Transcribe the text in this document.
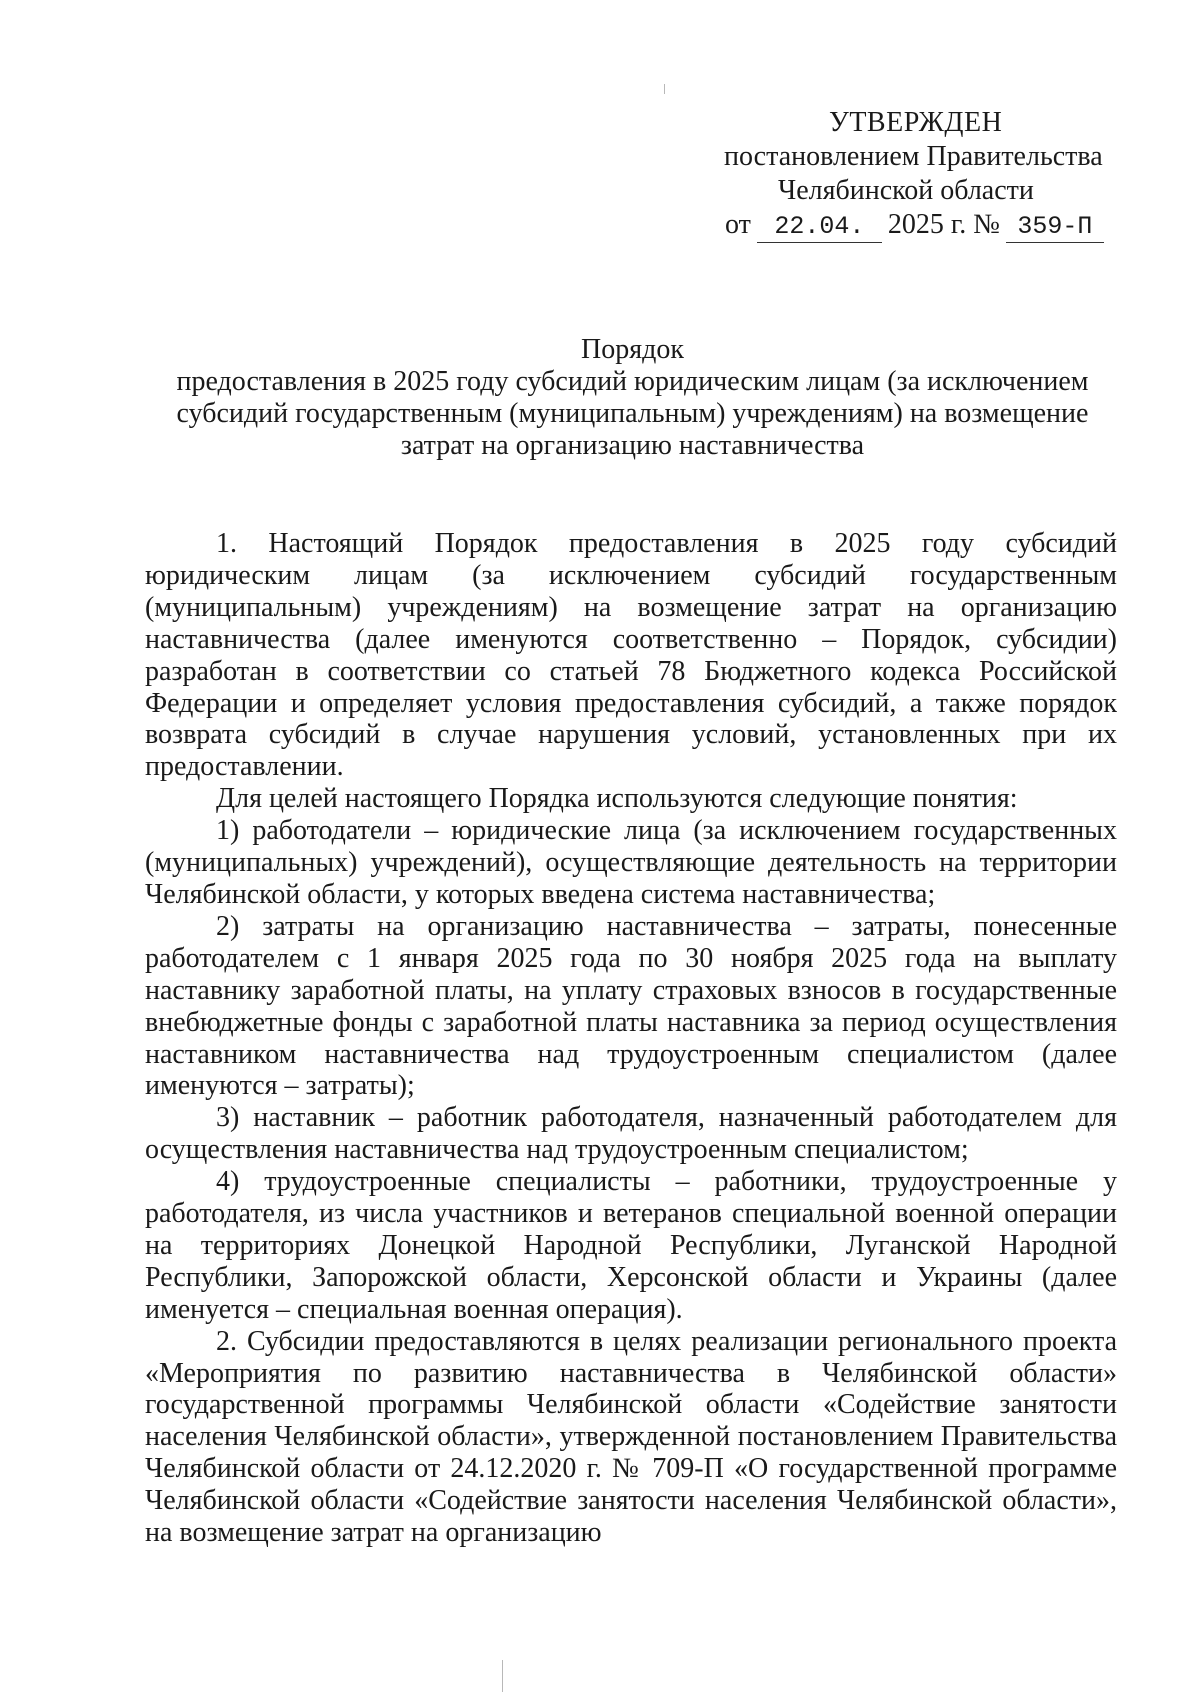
УТВЕРЖДЕН
постановлением Правительства
Челябинской области
от 22.04. 2025 г. № 359-П
Порядок
предоставления в 2025 году субсидий юридическим лицам (за исключением
субсидий государственным (муниципальным) учреждениям) на возмещение
затрат на организацию наставничества

1. Настоящий Порядок предоставления в 2025 году субсидий юридическим лицам (за исключением субсидий государственным (муниципальным) учреждениям) на возмещение затрат на организацию наставничества (далее именуются соответственно – Порядок, субсидии) разработан в соответствии со статьей 78 Бюджетного кодекса Российской Федерации и определяет условия предоставления субсидий, а также порядок возврата субсидий в случае нарушения условий, установленных при их предоставлении.

Для целей настоящего Порядка используются следующие понятия:

1) работодатели – юридические лица (за исключением государственных (муниципальных) учреждений), осуществляющие деятельность на территории Челябинской области, у которых введена система наставничества;

2) затраты на организацию наставничества – затраты, понесенные работодателем с 1 января 2025 года по 30 ноября 2025 года на выплату наставнику заработной платы, на уплату страховых взносов в государственные внебюджетные фонды с заработной платы наставника за период осуществления наставником наставничества над трудоустроенным специалистом (далее именуются – затраты);

3) наставник – работник работодателя, назначенный работодателем для осуществления наставничества над трудоустроенным специалистом;

4) трудоустроенные специалисты – работники, трудоустроенные у работодателя, из числа участников и ветеранов специальной военной операции на территориях Донецкой Народной Республики, Луганской Народной Республики, Запорожской области, Херсонской области и Украины (далее именуется – специальная военная операция).

2. Субсидии предоставляются в целях реализации регионального проекта «Мероприятия по развитию наставничества в Челябинской области» государственной программы Челябинской области «Содействие занятости населения Челябинской области», утвержденной постановлением Правительства Челябинской области от 24.12.2020 г. № 709-П «О государственной программе Челябинской области «Содействие занятости населения Челябинской области», на возмещение затрат на организацию
